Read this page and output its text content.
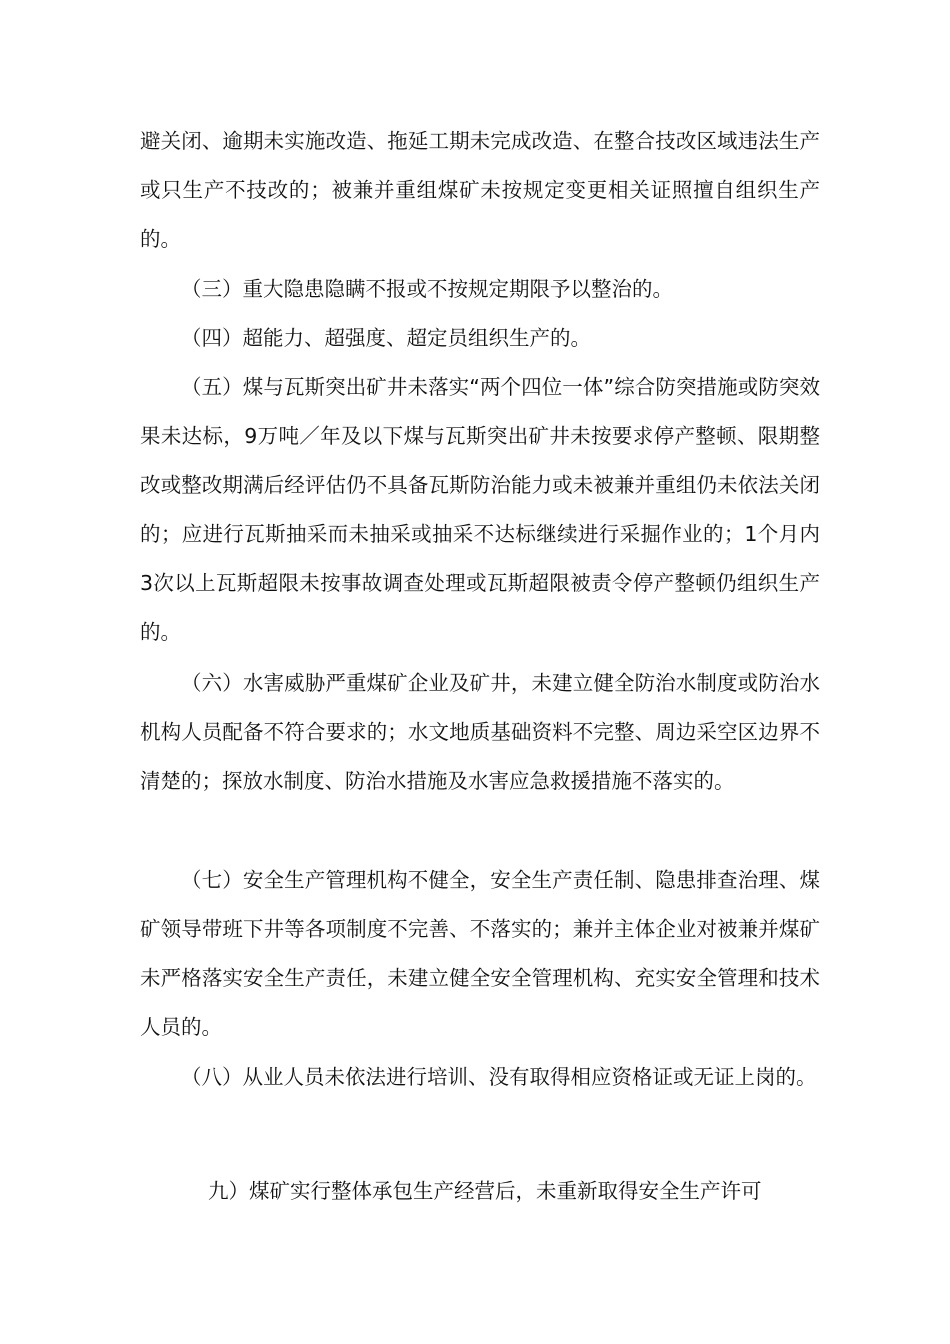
避关闭、逾期未实施改造、拖延工期未完成改造、在整合技改区域违法生产或只生产不技改的；被兼并重组煤矿未按规定变更相关证照擅自组织生产的。

（三）重大隐患隐瞒不报或不按规定期限予以整治的。

（四）超能力、超强度、超定员组织生产的。

（五）煤与瓦斯突出矿井未落实“两个四位一体”综合防突措施或防突效果未达标，9万吨／年及以下煤与瓦斯突出矿井未按要求停产整顿、限期整改或整改期满后经评估仍不具备瓦斯防治能力或未被兼并重组仍未依法关闭的；应进行瓦斯抽采而未抽采或抽采不达标继续进行采掘作业的；1个月内3次以上瓦斯超限未按事故调查处理或瓦斯超限被责令停产整顿仍组织生产的。

（六）水害威胁严重煤矿企业及矿井，未建立健全防治水制度或防治水机构人员配备不符合要求的；水文地质基础资料不完整、周边采空区边界不清楚的；探放水制度、防治水措施及水害应急救援措施不落实的。

（七）安全生产管理机构不健全，安全生产责任制、隐患排查治理、煤矿领导带班下井等各项制度不完善、不落实的；兼并主体企业对被兼并煤矿未严格落实安全生产责任，未建立健全安全管理机构、充实安全管理和技术人员的。

（八）从业人员未依法进行培训、没有取得相应资格证或无证上岗的。

九）煤矿实行整体承包生产经营后，未重新取得安全生产许可
